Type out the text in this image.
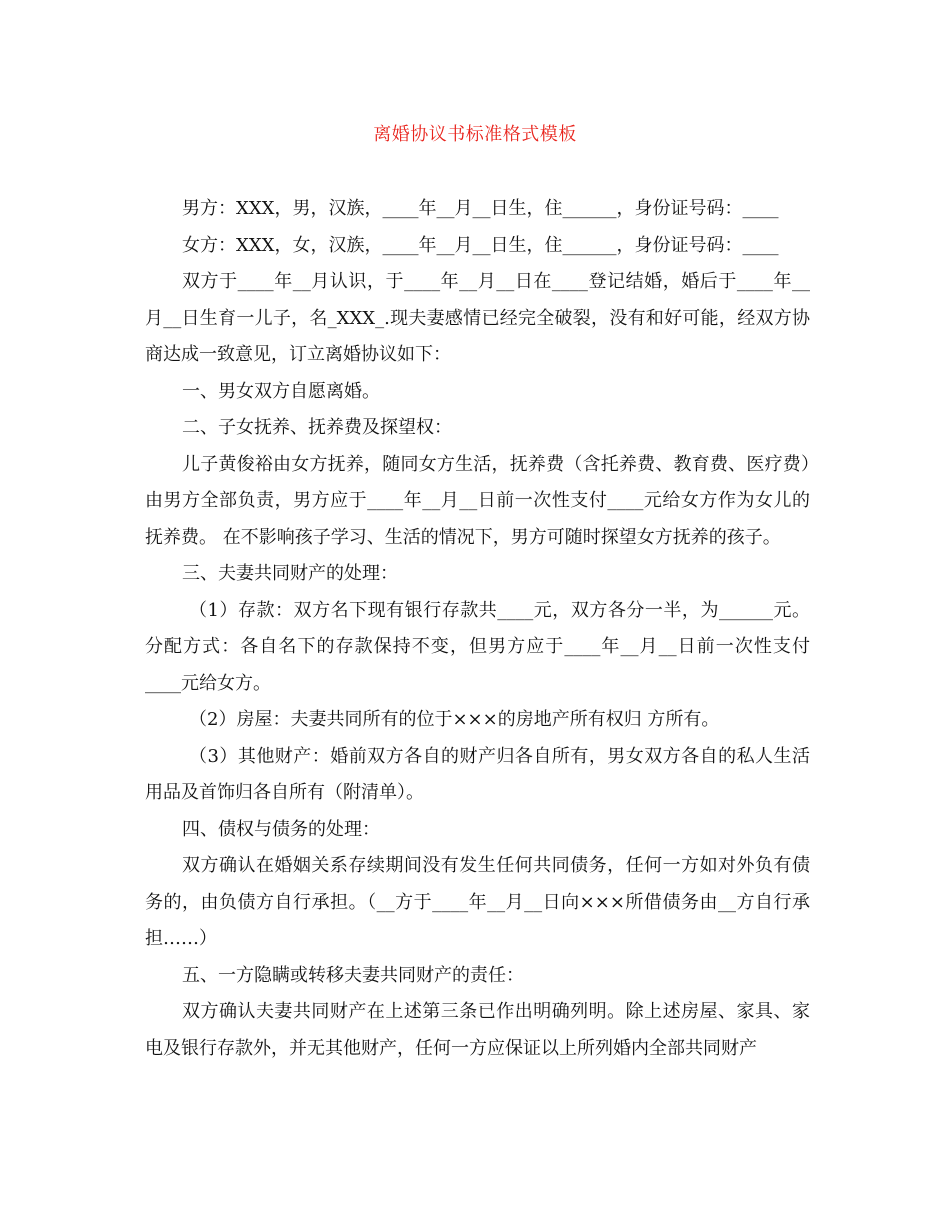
离婚协议书标准格式模板

男方：XXX，男，汉族，____年__月__日生，住______，身份证号码：____

女方：XXX，女，汉族，____年__月__日生，住______，身份证号码：____

双方于____年__月认识，于____年__月__日在____登记结婚，婚后于____年__月__日生育一儿子，名_XXX_.现夫妻感情已经完全破裂，没有和好可能，经双方协商达成一致意见，订立离婚协议如下：

一、男女双方自愿离婚。

二、子女抚养、抚养费及探望权：

儿子黄俊裕由女方抚养，随同女方生活，抚养费（含托养费、教育费、医疗费）由男方全部负责，男方应于____年__月__日前一次性支付____元给女方作为女儿的抚养费。 在不影响孩子学习、生活的情况下，男方可随时探望女方抚养的孩子。

三、夫妻共同财产的处理：

（1）存款：双方名下现有银行存款共____元，双方各分一半，为______元。分配方式：各自名下的存款保持不变，但男方应于____年__月__日前一次性支付____元给女方。

（2）房屋：夫妻共同所有的位于×××的房地产所有权归 方所有。

（3）其他财产：婚前双方各自的财产归各自所有，男女双方各自的私人生活用品及首饰归各自所有（附清单）。

四、债权与债务的处理：

双方确认在婚姻关系存续期间没有发生任何共同债务，任何一方如对外负有债务的，由负债方自行承担。（__方于____年__月__日向×××所借债务由__方自行承担……）

五、一方隐瞒或转移夫妻共同财产的责任：

双方确认夫妻共同财产在上述第三条已作出明确列明。除上述房屋、家具、家电及银行存款外，并无其他财产，任何一方应保证以上所列婚内全部共同财产
